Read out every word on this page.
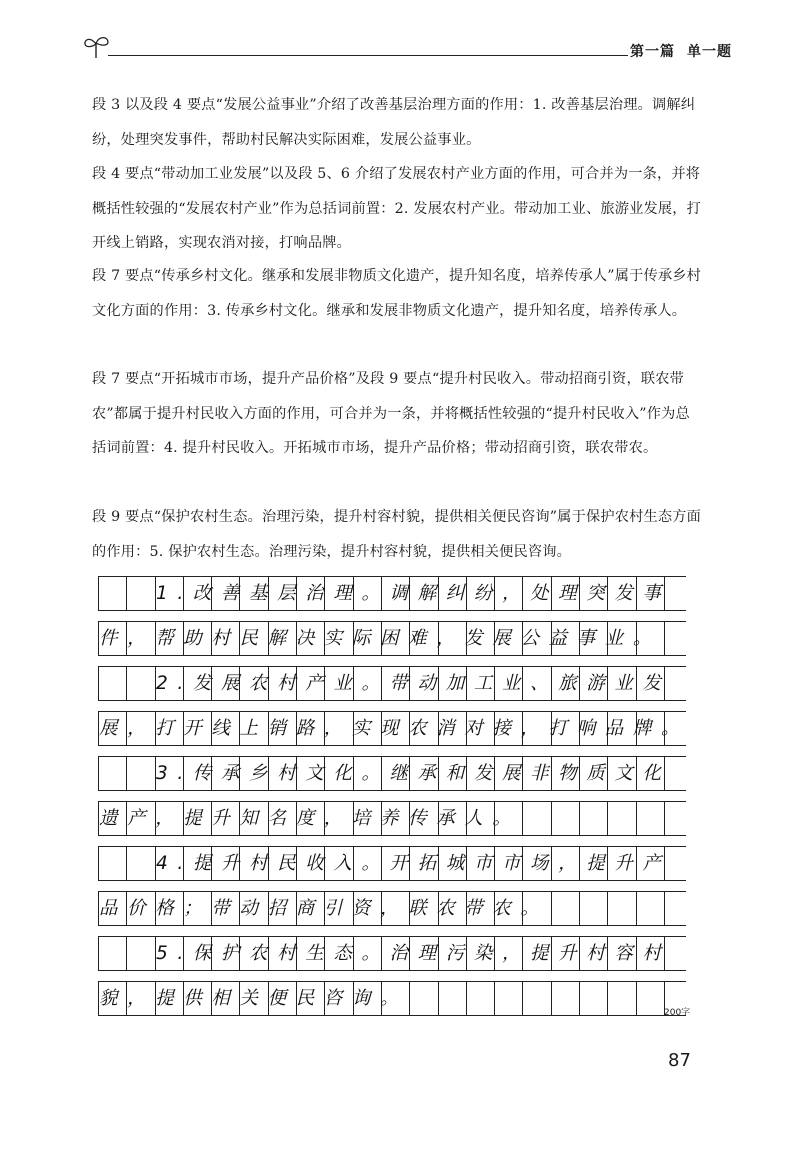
第一篇 单一题

段 3 以及段 4 要点“发展公益事业”介绍了改善基层治理方面的作用：1. 改善基层治理。调解纠纷，处理突发事件，帮助村民解决实际困难，发展公益事业。

段 4 要点“带动加工业发展”以及段 5、6 介绍了发展农村产业方面的作用，可合并为一条，并将概括性较强的“发展农村产业”作为总括词前置：2. 发展农村产业。带动加工业、旅游业发展，打开线上销路，实现农消对接，打响品牌。

段 7 要点“传承乡村文化。继承和发展非物质文化遗产，提升知名度，培养传承人”属于传承乡村文化方面的作用：3. 传承乡村文化。继承和发展非物质文化遗产，提升知名度，培养传承人。

段 7 要点“开拓城市市场，提升产品价格”及段 9 要点“提升村民收入。带动招商引资，联农带农”都属于提升村民收入方面的作用，可合并为一条，并将概括性较强的“提升村民收入”作为总括词前置：4. 提升村民收入。开拓城市市场，提升产品价格；带动招商引资，联农带农。

段 9 要点“保护农村生态。治理污染，提升村容村貌，提供相关便民咨询”属于保护农村生态方面的作用：5. 保护农村生态。治理污染，提升村容村貌，提供相关便民咨询。

1.改善基层治理。调解纠纷，处理突发事
件，帮助村民解决实际困难，发展公益事业。
2.发展农村产业。带动加工业、旅游业发
展，打开线上销路，实现农消对接，打响品牌。
3.传承乡村文化。继承和发展非物质文化
遗产，提升知名度，培养传承人。
4.提升村民收入。开拓城市市场，提升产
品价格；带动招商引资，联农带农。
5.保护农村生态。治理污染，提升村容村
貌，提供相关便民咨询。
200字
87
